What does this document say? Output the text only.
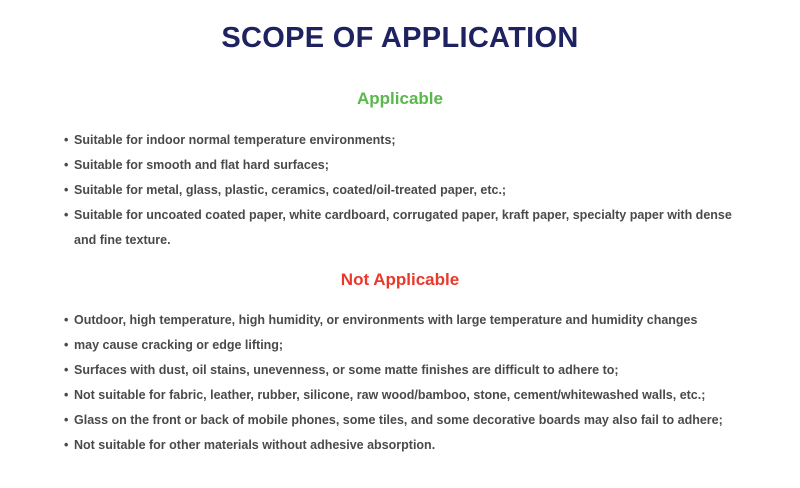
SCOPE OF APPLICATION
Applicable
• Suitable for indoor normal temperature environments;
• Suitable for smooth and flat hard surfaces;
• Suitable for metal, glass, plastic, ceramics, coated/oil-treated paper, etc.;
• Suitable for uncoated coated paper, white cardboard, corrugated paper, kraft paper, specialty paper with dense and fine texture.
Not Applicable
• Outdoor, high temperature, high humidity, or environments with large temperature and humidity changes
• may cause cracking or edge lifting;
• Surfaces with dust, oil stains, unevenness, or some matte finishes are difficult to adhere to;
• Not suitable for fabric, leather, rubber, silicone, raw wood/bamboo, stone, cement/whitewashed walls, etc.;
• Glass on the front or back of mobile phones, some tiles, and some decorative boards may also fail to adhere;
• Not suitable for other materials without adhesive absorption.
